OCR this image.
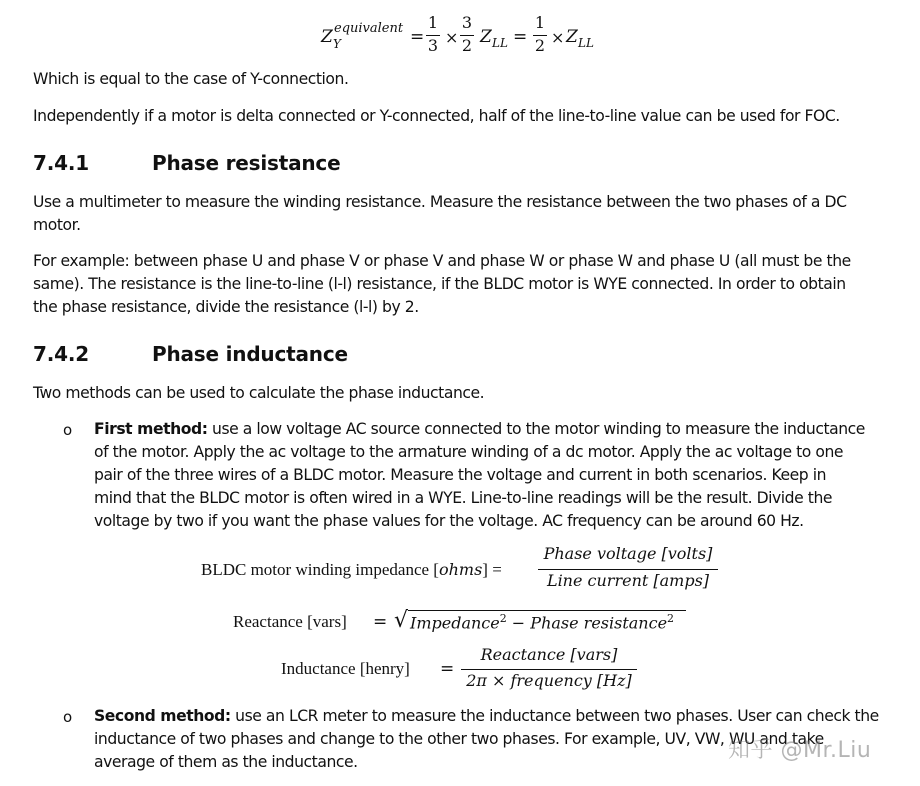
Z equivalent
Y	=
1
3 ×
3
2 Z LL =
1
2 × Z LL
Which is equal to the case of Y-connection.
Independently if a motor is delta connected or Y-connected, half of the line-to-line value can be used for FOC.
7.4.1	Phase resistance
Use a multimeter to measure the winding resistance. Measure the resistance between the two phases of a DC
motor.
For example: between phase U and phase V or phase V and phase W or phase W and phase U (all must be the
same). The resistance is the line-to-line (l-l) resistance, if the BLDC motor is WYE connected. In order to obtain
the phase resistance, divide the resistance (l-l) by 2.
7.4.2	Phase inductance
Two methods can be used to calculate the phase inductance.
o First method: use a low voltage AC source connected to the motor winding to measure the inductance
of the motor. Apply the ac voltage to the armature winding of a dc motor. Apply the ac voltage to one
pair of the three wires of a BLDC motor. Measure the voltage and current in both scenarios. Keep in
mind that the BLDC motor is often wired in a WYE. Line-to-line readings will be the result. Divide the
voltage by two if you want the phase values for the voltage. AC frequency can be around 60 Hz.
BLDC motor winding impedance [ohms] =
Phase voltage [volts]
Line current [amps]
Reactance [vars] = √ Impedance$^2$ − Phase resistance$^2$
Inductance [henry] =
Reactance [vars]
2π × frequency [Hz]
o Second method: use an LCR meter to measure the inductance between two phases. User can check the
inductance of two phases and change to the other two phases. For example, UV, VW, WU and take
average of them as the inductance.	知乎 @Mr.Liu
